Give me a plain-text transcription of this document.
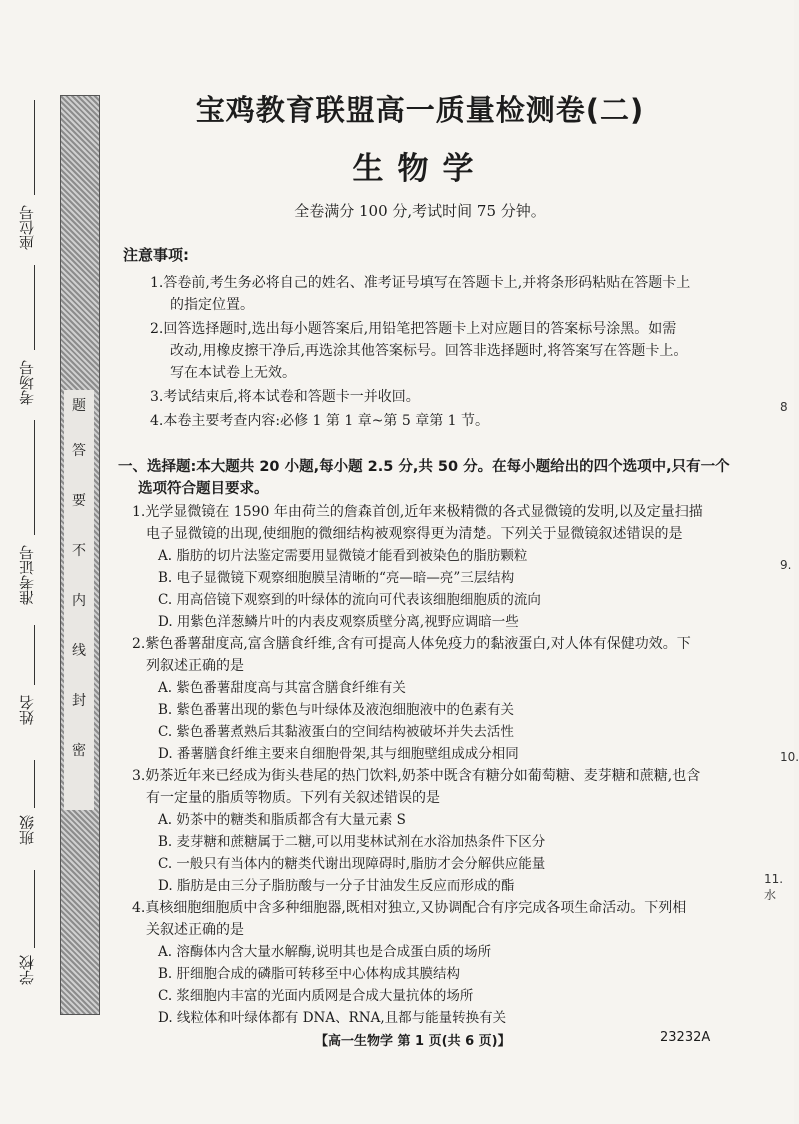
题
答
要
不
内
线
封
密
座位号
考场号
准考证号
姓名
班级
学校
宝鸡教育联盟高一质量检测卷(二)
生物学
全卷满分 100 分,考试时间 75 分钟。
注意事项:
1.答卷前,考生务必将自己的姓名、准考证号填写在答题卡上,并将条形码粘贴在答题卡上
的指定位置。
2.回答选择题时,选出每小题答案后,用铅笔把答题卡上对应题目的答案标号涂黑。如需
改动,用橡皮擦干净后,再选涂其他答案标号。回答非选择题时,将答案写在答题卡上。
写在本试卷上无效。
3.考试结束后,将本试卷和答题卡一并收回。
4.本卷主要考查内容:必修 1 第 1 章~第 5 章第 1 节。
一、选择题:本大题共 20 小题,每小题 2.5 分,共 50 分。在每小题给出的四个选项中,只有一个
选项符合题目要求。
1.光学显微镜在 1590 年由荷兰的詹森首创,近年来极精微的各式显微镜的发明,以及定量扫描
电子显微镜的出现,使细胞的微细结构被观察得更为清楚。下列关于显微镜叙述错误的是
A. 脂肪的切片法鉴定需要用显微镜才能看到被染色的脂肪颗粒
B. 电子显微镜下观察细胞膜呈清晰的“亮—暗—亮”三层结构
C. 用高倍镜下观察到的叶绿体的流向可代表该细胞细胞质的流向
D. 用紫色洋葱鳞片叶的内表皮观察质壁分离,视野应调暗一些
2.紫色番薯甜度高,富含膳食纤维,含有可提高人体免疫力的黏液蛋白,对人体有保健功效。下
列叙述正确的是
A. 紫色番薯甜度高与其富含膳食纤维有关
B. 紫色番薯出现的紫色与叶绿体及液泡细胞液中的色素有关
C. 紫色番薯煮熟后其黏液蛋白的空间结构被破坏并失去活性
D. 番薯膳食纤维主要来自细胞骨架,其与细胞壁组成成分相同
3.奶茶近年来已经成为街头巷尾的热门饮料,奶茶中既含有糖分如葡萄糖、麦芽糖和蔗糖,也含
有一定量的脂质等物质。下列有关叙述错误的是
A. 奶茶中的糖类和脂质都含有大量元素 S
B. 麦芽糖和蔗糖属于二糖,可以用斐林试剂在水浴加热条件下区分
C. 一般只有当体内的糖类代谢出现障碍时,脂肪才会分解供应能量
D. 脂肪是由三分子脂肪酸与一分子甘油发生反应而形成的酯
4.真核细胞细胞质中含多种细胞器,既相对独立,又协调配合有序完成各项生命活动。下列相
关叙述正确的是
A. 溶酶体内含大量水解酶,说明其也是合成蛋白质的场所
B. 肝细胞合成的磷脂可转移至中心体构成其膜结构
C. 浆细胞内丰富的光面内质网是合成大量抗体的场所
D. 线粒体和叶绿体都有 DNA、RNA,且都与能量转换有关
【高一生物学 第 1 页(共 6 页)】	23232A
8
9.
10.
11. 水
